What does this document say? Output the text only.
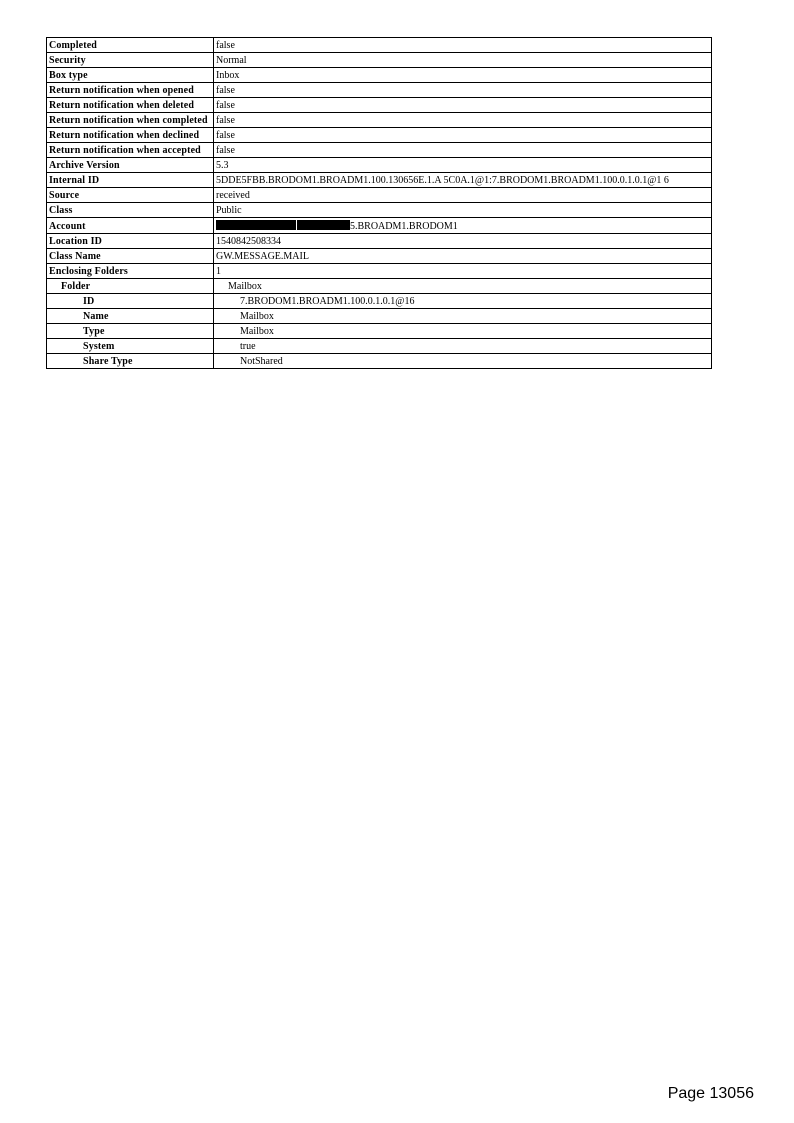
Completed	false
Security	Normal
Box type	Inbox
Return notification when opened	false
Return notification when deleted	false
Return notification when completed	false
Return notification when declined	false
Return notification when accepted	false
Archive Version	5.3
Internal ID	5DDE5FBB.BRODOM1.BROADM1.100.130656E.1.A 5C0A.1@1:7.BRODOM1.BROADM1.100.0.1.0.1@1 6
Source	received
Class	Public
Account	5.BROADM1.BRODOM1
Location ID	1540842508334
Class Name	GW.MESSAGE.MAIL
Enclosing Folders	1
Folder	Mailbox
ID	7.BRODOM1.BROADM1.100.0.1.0.1@16
Name	Mailbox
Type	Mailbox
System	true
Share Type	NotShared
Page 13056
